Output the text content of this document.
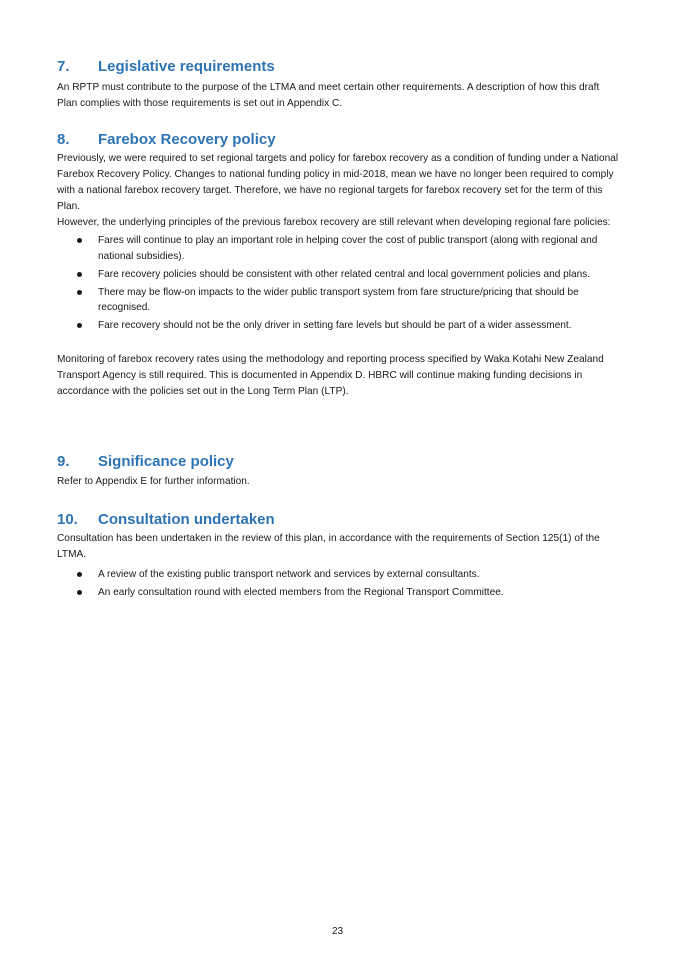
7.	Legislative requirements

An RPTP must contribute to the purpose of the LTMA and meet certain other requirements. A description of how this draft Plan complies with those requirements is set out in Appendix C.

8.	Farebox Recovery policy

Previously, we were required to set regional targets and policy for farebox recovery as a condition of funding under a National Farebox Recovery Policy. Changes to national funding policy in mid-2018, mean we have no longer been required to comply with a national farebox recovery target. Therefore, we have no regional targets for farebox recovery set for the term of this Plan.

However, the underlying principles of the previous farebox recovery are still relevant when developing regional fare policies:

Fares will continue to play an important role in helping cover the cost of public transport (along with regional and national subsidies).
Fare recovery policies should be consistent with other related central and local government policies and plans.
There may be flow-on impacts to the wider public transport system from fare structure/pricing that should be recognised.
Fare recovery should not be the only driver in setting fare levels but should be part of a wider assessment.

Monitoring of farebox recovery rates using the methodology and reporting process specified by Waka Kotahi New Zealand Transport Agency is still required. This is documented in Appendix D. HBRC will continue making funding decisions in accordance with the policies set out in the Long Term Plan (LTP).

9.	Significance policy

Refer to Appendix E for further information.

10.	Consultation undertaken

Consultation has been undertaken in the review of this plan, in accordance with the requirements of Section 125(1) of the LTMA.

A review of the existing public transport network and services by external consultants.
An early consultation round with elected members from the Regional Transport Committee.
23
